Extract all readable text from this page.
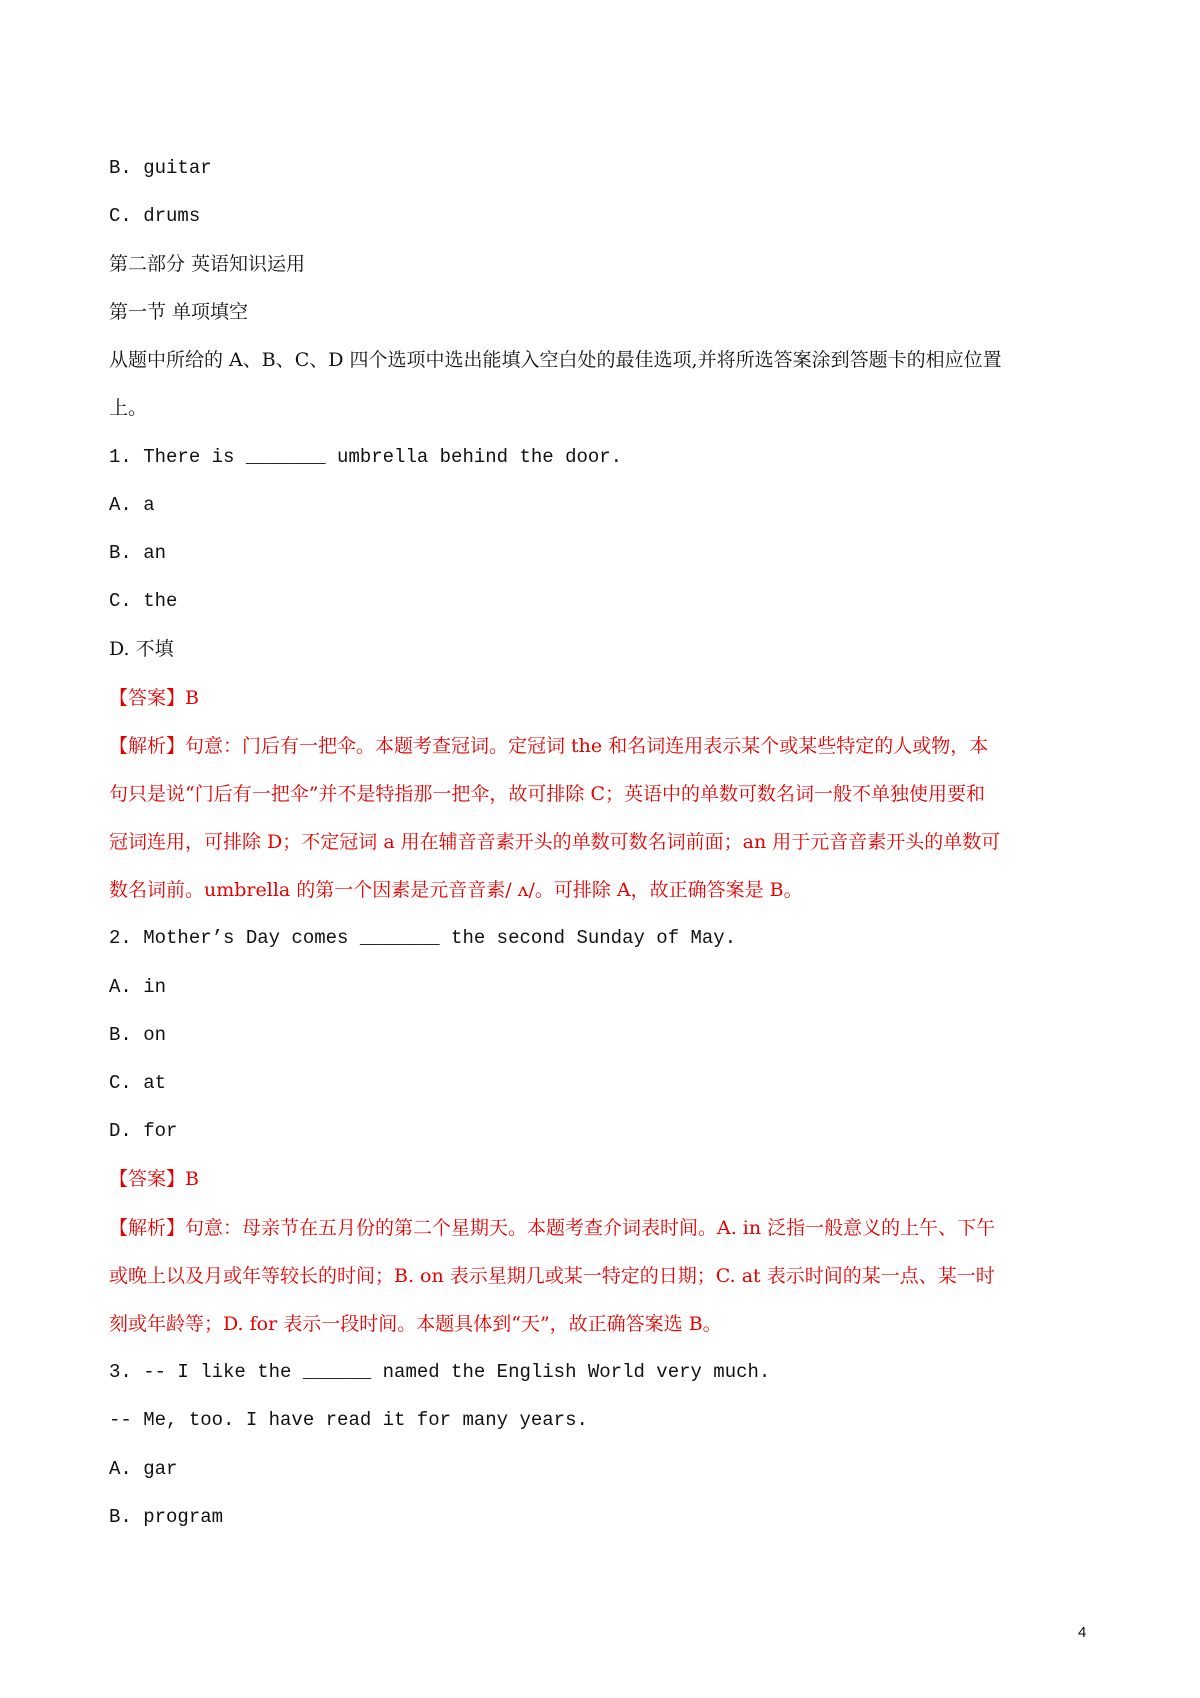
B. guitar
C. drums
第二部分 英语知识运用
第一节 单项填空
从题中所给的 A、B、C、D 四个选项中选出能填入空白处的最佳选项,并将所选答案涂到答题卡的相应位置
上。
1. There is _______ umbrella behind the door.
A. a
B. an
C. the
D. 不填
【答案】B
【解析】句意：门后有一把伞。本题考查冠词。定冠词 the 和名词连用表示某个或某些特定的人或物，本
句只是说“门后有一把伞”并不是特指那一把伞，故可排除 C；英语中的单数可数名词一般不单独使用要和
冠词连用，可排除 D；不定冠词 a 用在辅音音素开头的单数可数名词前面；an 用于元音音素开头的单数可
数名词前。umbrella 的第一个因素是元音音素/ ʌ/。可排除 A，故正确答案是 B。
2. Mother’s Day comes _______ the second Sunday of May.
A. in
B. on
C. at
D. for
【答案】B
【解析】句意：母亲节在五月份的第二个星期天。本题考查介词表时间。A. in 泛指一般意义的上午、下午
或晚上以及月或年等较长的时间；B. on 表示星期几或某一特定的日期；C. at 表示时间的某一点、某一时
刻或年龄等；D. for 表示一段时间。本题具体到“天”，故正确答案选 B。
3. -- I like the ______ named the English World very much.
-- Me, too. I have read it for many years.
A. gar
B. program
4
